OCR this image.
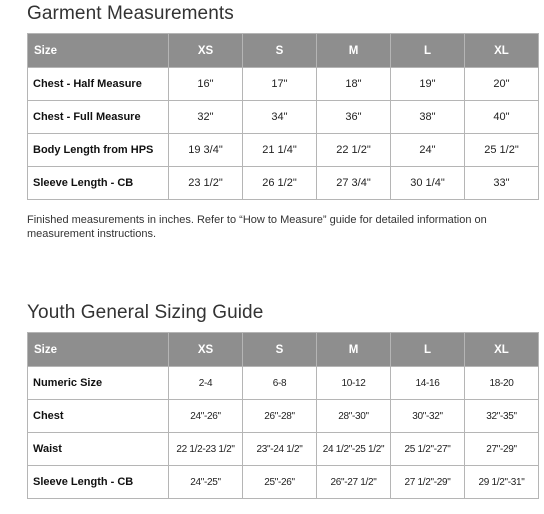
Garment Measurements
Size	XS	S	M	L	XL
Chest - Half Measure	16"	17"	18"	19"	20"
Chest - Full Measure	32"	34"	36"	38"	40"
Body Length from HPS	19 3/4"	21 1/4"	22 1/2"	24"	25 1/2"
Sleeve Length - CB	23 1/2"	26 1/2"	27 3/4"	30 1/4"	33"

Finished measurements in inches. Refer to “How to Measure” guide for detailed information on measurement instructions.

Youth General Sizing Guide
Size	XS	S	M	L	XL
Numeric Size	2-4	6-8	10-12	14-16	18-20
Chest	24"-26"	26"-28"	28"-30"	30"-32"	32"-35"
Waist	22 1/2-23 1/2"	23"-24 1/2"	24 1/2"-25 1/2"	25 1/2"-27"	27"-29"
Sleeve Length - CB	24"-25"	25"-26"	26"-27 1/2"	27 1/2"-29"	29 1/2"-31"
